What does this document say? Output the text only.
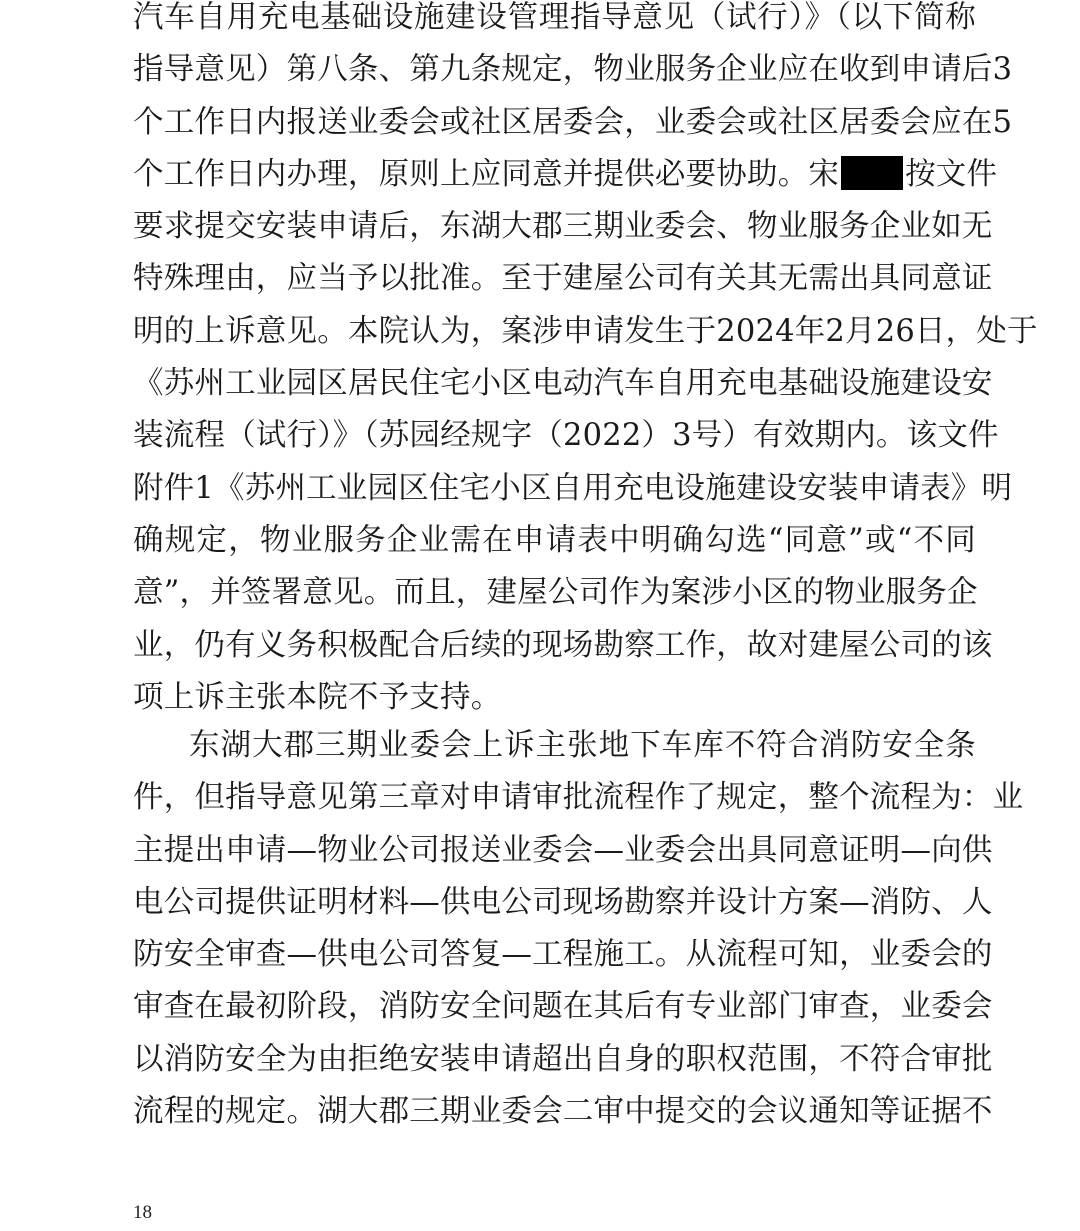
汽车自用充电基础设施建设管理指导意见（试行）》（以下简称
指导意见）第八条、第九条规定，物业服务企业应在收到申请后3
个工作日内报送业委会或社区居委会，业委会或社区居委会应在5
个工作日内办理，原则上应同意并提供必要协助。宋 按文件
要求提交安装申请后，东湖大郡三期业委会、物业服务企业如无
特殊理由，应当予以批准。至于建屋公司有关其无需出具同意证
明的上诉意见。本院认为，案涉申请发生于2024年2月26日，处于
《苏州工业园区居民住宅小区电动汽车自用充电基础设施建设安
装流程（试行）》（苏园经规字（2022）3号）有效期内。该文件
附件1《苏州工业园区住宅小区自用充电设施建设安装申请表》明
确规定，物业服务企业需在申请表中明确勾选“同意”或“不同
意”，并签署意见。而且，建屋公司作为案涉小区的物业服务企
业，仍有义务积极配合后续的现场勘察工作，故对建屋公司的该
项上诉主张本院不予支持。
东湖大郡三期业委会上诉主张地下车库不符合消防安全条
件，但指导意见第三章对申请审批流程作了规定，整个流程为：业
主提出申请—物业公司报送业委会—业委会出具同意证明—向供
电公司提供证明材料—供电公司现场勘察并设计方案—消防、人
防安全审查—供电公司答复—工程施工。从流程可知，业委会的
审查在最初阶段，消防安全问题在其后有专业部门审查，业委会
以消防安全为由拒绝安装申请超出自身的职权范围，不符合审批
流程的规定。湖大郡三期业委会二审中提交的会议通知等证据不
18
